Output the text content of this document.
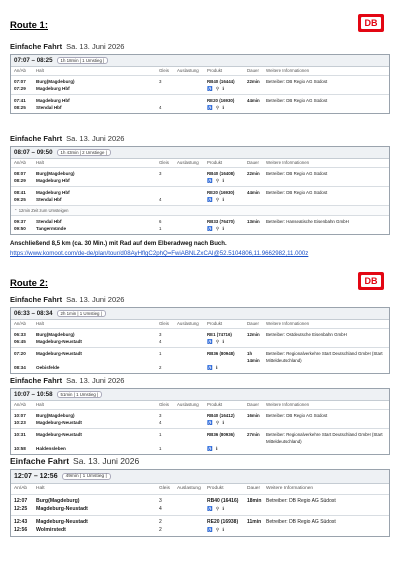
Route 1:	DB
Einfache Fahrt Sa. 13. Juni 2026
07:07 – 08:25	1h 18min | 1 Umstieg |
An/Ab	Halt	Gleis	Auslastung	Produkt	Dauer	Weitere Informationen
07:07	Burg(Magdeburg)	3	RB40 (16444)	22min	Betreiber: DB Regio AG Südost
07:29	Magdeburg Hbf	♿ ⚲ ℹ
07:41	Magdeburg Hbf	RE20 (16930)	44min	Betreiber: DB Regio AG Südost
08:25	Stendal Hbf	4	♿ ⚲ ℹ
Einfache Fahrt Sa. 13. Juni 2026
08:07 – 09:50	1h 43min | 2 Umstiege |
An/Ab	Halt	Gleis	Auslastung	Produkt	Dauer	Weitere Informationen
08:07	Burg(Magdeburg)	3	RB40 (16408)	22min	Betreiber: DB Regio AG Südost
08:29	Magdeburg Hbf	♿ ⚲ ℹ
08:41	Magdeburg Hbf	RE20 (16930)	44min	Betreiber: DB Regio AG Südost
09:25	Stendal Hbf	4	♿ ⚲ ℹ
⌃ 12min Zeit zum Umsteigen
09:37	Stendal Hbf	6	RB33 (76470)	13min	Betreiber: Hanseatische Eisenbahn GmbH
09:50	Tangermünde	1	♿ ⚲ ℹ
Anschließend 8,5 km (ca. 30 Min.) mit Rad auf dem Elberadweg nach Buch.
https://www.komoot.com/de-de/plan/tour/d08AyHflgC2phQ=FwiABNLZxCAI@52.5104806,11.9662982,11.000z
Route 2:	DB
Einfache Fahrt Sa. 13. Juni 2026
06:33 – 08:34	2h 1min | 1 Umstieg |
An/Ab	Halt	Gleis	Auslastung	Produkt	Dauer	Weitere Informationen
06:33	Burg(Magdeburg)	3	RE1 (74716)	12min	Betreiber: Ostdeutsche Eisenbahn GmbH
06:45	Magdeburg-Neustadt	4	♿ ⚲ ℹ
07:20	Magdeburg-Neustadt	1	RB36 (80948)	1h 14min
Betreiber: Regionalverkehre Start Deutschland GmbH (Start Mitteldeutschland)
08:34	Oebisfelde	2	♿ ℹ
Einfache Fahrt Sa. 13. Juni 2026
10:07 – 10:58	51min | 1 Umstieg |
An/Ab	Halt	Gleis	Auslastung	Produkt	Dauer	Weitere Informationen
10:07	Burg(Magdeburg)	3	RB40 (16412)	16min	Betreiber: DB Regio AG Südost
10:23	Magdeburg-Neustadt	4	♿ ⚲ ℹ
10:31	Magdeburg-Neustadt	1	RB36 (80936)	27min	Betreiber: Regionalverkehre Start Deutschland GmbH (Start Mitteldeutschland)
10:58	Haldensleben	1	♿ ℹ
Einfache Fahrt Sa. 13. Juni 2026
12:07 – 12:56	49min | 1 Umstieg |
An/Ab	Halt	Gleis	Auslastung	Produkt	Dauer	Weitere Informationen
12:07	Burg(Magdeburg)	3	RB40 (16416)	18min Betreiber: DB Regio AG Südost
12:25	Magdeburg-Neustadt	4	♿ ⚲ ℹ
12:43	Magdeburg-Neustadt	2	RE20 (16938)	11min Betreiber: DB Regio AG Südost
12:56	Wolmirstedt	2	♿ ⚲ ℹ
